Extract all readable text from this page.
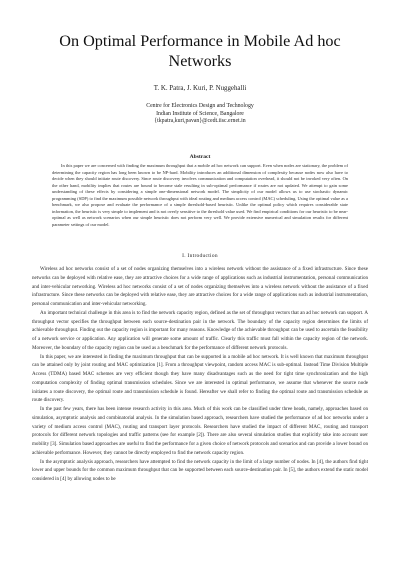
On Optimal Performance in Mobile Ad hoc
Networks
T. K. Patra, J. Kuri, P. Nuggehalli
Centre for Electronics Design and Technology
Indian Institute of Science, Bangalore
{tkpatra,kuri,pavan}@cedt.iisc.ernet.in
Abstract

In this paper we are concerned with finding the maximum throughput that a mobile ad hoc network can support. Even when nodes are stationary, the problem of determining the capacity region has long been known to be NP-hard. Mobility introduces an additional dimension of complexity because nodes now also have to decide when they should initiate route discovery. Since route discovery involves communication and computation overhead, it should not be invoked very often. On the other hand, mobility implies that routes are bound to become stale resulting in sub-optimal performance if routes are not updated. We attempt to gain some understanding of these effects by considering a simple one-dimensional network model. The simplicity of our model allows us to use stochastic dynamic programming (SDP) to find the maximum possible network throughput with ideal routing and medium access control (MAC) scheduling. Using the optimal value as a benchmark, we also propose and evaluate the performance of a simple threshold-based heuristic. Unlike the optimal policy which requires considerable state information, the heuristic is very simple to implement and is not overly sensitive to the threshold value used. We find empirical conditions for our heuristic to be near-optimal as well as network scenarios when our simple heuristic does not perform very well. We provide extensive numerical and simulation results for different parameter settings of our model.

I. Introduction

Wireless ad hoc networks consist of a set of nodes organizing themselves into a wireless network without the assistance of a fixed infrastructure. Since these networks can be deployed with relative ease, they are attractive choices for a wide range of applications such as industrial instrumentation, personal communication and inter-vehicular networking. Wireless ad hoc networks consist of a set of nodes organizing themselves into a wireless network without the assistance of a fixed infrastructure. Since these networks can be deployed with relative ease, they are attractive choices for a wide range of applications such as industrial instrumentation, personal communication and inter-vehicular networking.

An important technical challenge in this area is to find the network capacity region, defined as the set of throughput vectors that an ad hoc network can support. A throughput vector specifies the throughput between each source-destination pair in the network. The boundary of the capacity region determines the limits of achievable throughput. Finding out the capacity region is important for many reasons. Knowledge of the achievable throughput can be used to ascertain the feasibility of a network service or application. Any application will generate some amount of traffic. Clearly this traffic must fall within the capacity region of the network. Moreover, the boundary of the capacity region can be used as a benchmark for the performance of different network protocols.

In this paper, we are interested in finding the maximum throughput that can be supported in a mobile ad hoc network. It is well known that maximum throughput can be attained only by joint routing and MAC optimization [1]. From a throughput viewpoint, random access MAC is sub-optimal. Instead Time Division Multiple Access (TDMA) based MAC schemes are very efficient though they have many disadvantages such as the need for tight time synchronization and the high computation complexity of finding optimal transmission schedules. Since we are interested in optimal performance, we assume that whenever the source node initiates a route discovery, the optimal route and transmission schedule is found. Hereafter we shall refer to finding the optimal route and transmission schedule as route discovery.

In the past few years, there has been intense research activity in this area. Much of this work can be classified under three heads, namely, approaches based on simulation, asymptotic analysis and combinatorial analysis. In the simulation based approach, researchers have studied the performance of ad hoc networks under a variety of medium access control (MAC), routing and transport layer protocols. Researchers have studied the impact of different MAC, routing and transport protocols for different network topologies and traffic patterns (see for example [2]). There are also several simulation studies that explicitly take into account user mobility [3]. Simulation based approaches are useful to find the performance for a given choice of network protocols and scenarios and can provide a lower bound on achievable performance. However, they cannot be directly employed to find the network capacity region.

In the asymptotic analysis approach, researchers have attempted to find the network capacity in the limit of a large number of nodes. In [4], the authors find tight lower and upper bounds for the common maximum throughput that can be supported between each source-destination pair. In [5], the authors extend the static model considered in [4] by allowing nodes to be
